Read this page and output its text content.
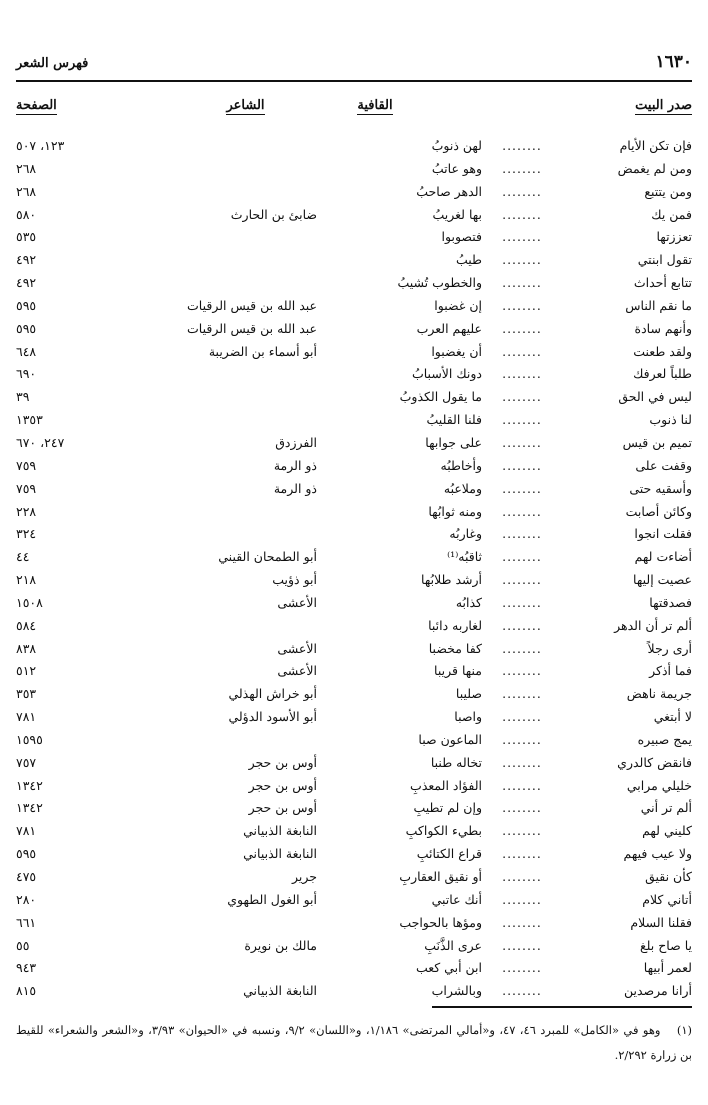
١٦٣٠
فهرس الشعر
صدر البيت
القافية
الشاعر
الصفحة
فإن تكن الأيام
........
لهن ذنوبُ
١٢٣، ٥٠٧
ومن لم يغمض
........
وهو عاتبُ
٢٦٨
ومن يتتبع
........
الدهر صاحبُ
٢٦٨
فمن يك
........
بها لغريبُ
ضابئ بن الحارث
٥٨٠
تعززتها
........
فتصوبوا
٥٣٥
تقول ابنتي
........
طيبُ
٤٩٢
تتابع أحداث
........
والخطوب تُشيبُ
٤٩٢
ما نقم الناس
........
إن غضبوا
عبد الله بن قيس الرقيات
٥٩٥
وأنهم سادة
........
عليهم العرب
عبد الله بن قيس الرقيات
٥٩٥
ولقد طعنت
........
أن يغضبوا
أبو أسماء بن الضريبة
٦٤٨
طلباً لعرفك
........
دونك الأسبابُ
٦٩٠
ليس في الحق
........
ما يقول الكذوبُ
٣٩
لنا ذنوب
........
فلنا القليبُ
١٣٥٣
تميم بن قيس
........
على جوابها
الفرزدق
٢٤٧، ٦٧٠
وقفت على
........
وأخاطبُه
ذو الرمة
٧٥٩
وأسقيه حتى
........
وملاعبُه
ذو الرمة
٧٥٩
وكائن أصابت
........
ومنه ثوابُها
٢٢٨
فقلت انجوا
........
وغاربُه
٣٢٤
أضاءت لهم
........
ثاقبُه⁽¹⁾
أبو الطمحان القيني
٤٤
عصيت إليها
........
أرشد طلابُها
أبو ذؤيب
٢١٨
فصدقتها
........
كذابُه
الأعشى
١٥٠٨
ألم تر أن الدهر
........
لغاربه دائبا
٥٨٤
أرى رجلاً
........
كفا مخضبا
الأعشى
٨٣٨
فما أذكر
........
منها قريبا
الأعشى
٥١٢
جريمة ناهض
........
صليبا
أبو خراش الهذلي
٣٥٣
لا أبتغي
........
واصبا
أبو الأسود الدؤلي
٧٨١
يمج صبيره
........
الماعون صبا
١٥٩٥
فانقض كالدري
........
تخاله طنبا
أوس بن حجر
٧٥٧
خليلي مرابي
........
الفؤاد المعذبِ
أوس بن حجر
١٣٤٢
ألم تر أني
........
وإن لم تطيبِ
أوس بن حجر
١٣٤٢
كليني لهم
........
بطيء الكواكبِ
النابغة الذبياني
٧٨١
ولا عيب فيهم
........
قراع الكتائبِ
النابغة الذبياني
٥٩٥
كأن نقيق
........
أو نقيق العقاربِ
جرير
٤٧٥
أتاني كلام
........
أنك عاتبي
أبو الغول الطهوي
٢٨٠
فقلنا السلام
........
ومؤها بالحواجب
٦٦١
يا صاح بلغ
........
عرى الذَّنَبِ
مالك بن نويرة
٥٥
لعمر أبيها
........
ابن أبي كعب
٩٤٣
أرانا مرصدين
........
وبالشراب
النابغة الذبياني
٨١٥
(١) وهو في «الكامل» للمبرد ٤٦، ٤٧، و«أمالي المرتضى» ١/١٨٦، و«اللسان» ٩/٢، ونسبه في «الحيوان» ٣/٩٣، و«الشعر والشعراء» للقيط بن زرارة ٢/٢٩٢.
